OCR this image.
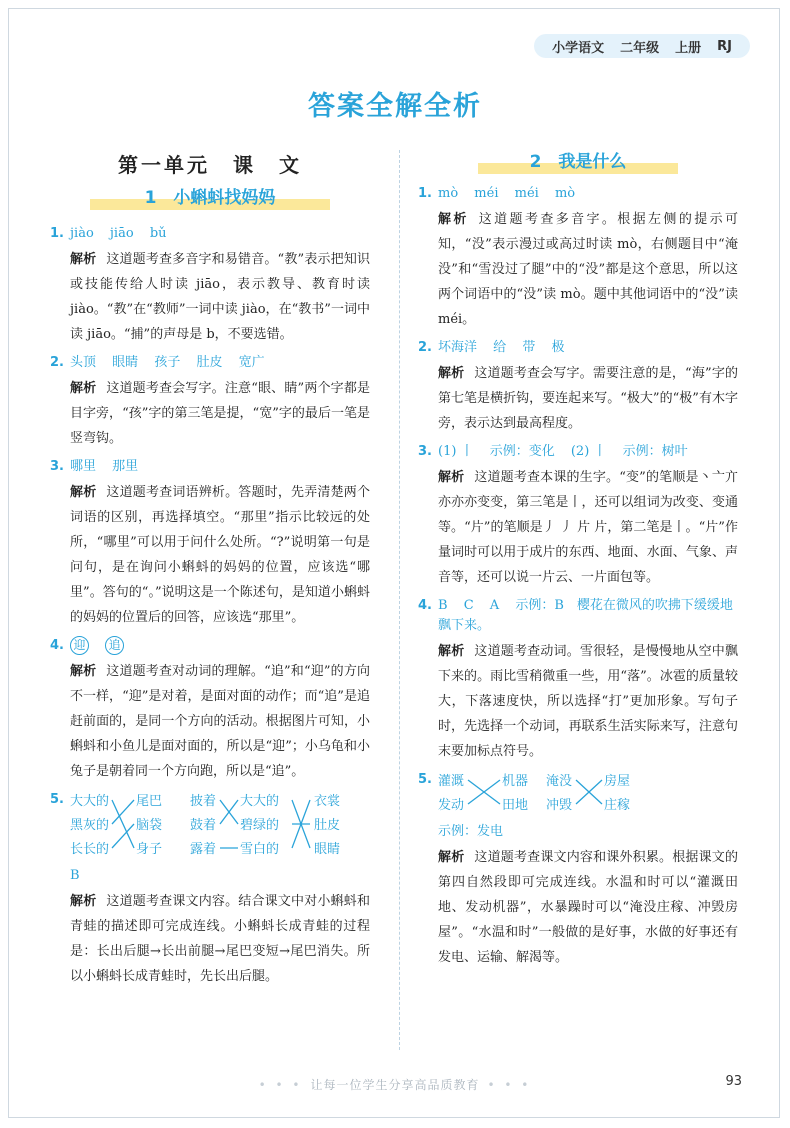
小学语文 二年级 上册 RJ
答案全解全析
第一单元　课　文
1　小蝌蚪找妈妈
1. jiào jiāo bǔ
解析 这道题考查多音字和易错音。“教”表示把知识或技能传给人时读 jiāo，表示教导、教育时读 jiào。“教”在“教师”一词中读 jiào，在“教书”一词中读 jiāo。“捕”的声母是 b，不要选错。
2. 头顶 眼睛 孩子 肚皮 宽广
解析 这道题考查会写字。注意“眼、睛”两个字都是目字旁，“孩”字的第三笔是提，“宽”字的最后一笔是竖弯钩。
3. 哪里 那里
解析 这道题考查词语辨析。答题时，先弄清楚两个词语的区别，再选择填空。“那里”指示比较远的处所，“哪里”可以用于问什么处所。“?”说明第一句是问句，是在询问小蝌蚪的妈妈的位置，应该选“哪里”。答句的“。”说明这是一个陈述句，是知道小蝌蚪的妈妈的位置后的回答，应该选“那里”。
4. 迎 追
解析 这道题考查对动词的理解。“追”和“迎”的方向不一样，“迎”是对着，是面对面的动作；而“追”是追赶前面的，是同一个方向的活动。根据图片可知，小蝌蚪和小鱼儿是面对面的，所以是“迎”；小乌龟和小兔子是朝着同一个方向跑，所以是“追”。
5. 大大的
黑灰的
长长的
尾巴
脑袋
身子
披着
鼓着
露着
大大的
碧绿的
雪白的
衣裳
肚皮
眼睛
B
解析 这道题考查课文内容。结合课文中对小蝌蚪和青蛙的描述即可完成连线。小蝌蚪长成青蛙的过程是：长出后腿→长出前腿→尾巴变短→尾巴消失。所以小蝌蚪长成青蛙时，先长出后腿。
2　我是什么
1. mò méi méi mò
解析 这道题考查多音字。根据左侧的提示可知，“没”表示漫过或高过时读 mò，右侧题目中“淹没”和“雪没过了腿”中的“没”都是这个意思，所以这两个词语中的“没”读 mò。题中其他词语中的“没”读 méi。
2. 坏海洋 给 带 极
解析 这道题考查会写字。需要注意的是，“海”字的第七笔是横折钩，要连起来写。“极大”的“极”有木字旁，表示达到最高程度。
3. (1) 丨 示例：变化 (2) 丨 示例：树叶
解析 这道题考查本课的生字。“变”的笔顺是丶亠亣亦亦亦变变，第三笔是丨，还可以组词为改变、变通等。“片”的笔顺是丿 丿 片 片，第二笔是丨。“片”作量词时可以用于成片的东西、地面、水面、气象、声音等，还可以说一片云、一片面包等。
4. B C A 示例：B　樱花在微风的吹拂下缓缓地飘下来。
解析 这道题考查动词。雪很轻，是慢慢地从空中飘下来的。雨比雪稍微重一些，用“落”。冰雹的质量较大，下落速度快，所以选择“打”更加形象。写句子时，先选择一个动词，再联系生活实际来写，注意句末要加标点符号。
5. 灌溉
发动
机器
田地
淹没
冲毁
房屋
庄稼
示例：发电
解析 这道题考查课文内容和课外积累。根据课文的第四自然段即可完成连线。水温和时可以“灌溉田地、发动机器”，水暴躁时可以“淹没庄稼、冲毁房屋”。“水温和时”一般做的是好事，水做的好事还有发电、运输、解渴等。
• • • 让每一位学生分享高品质教育 • • •	93
